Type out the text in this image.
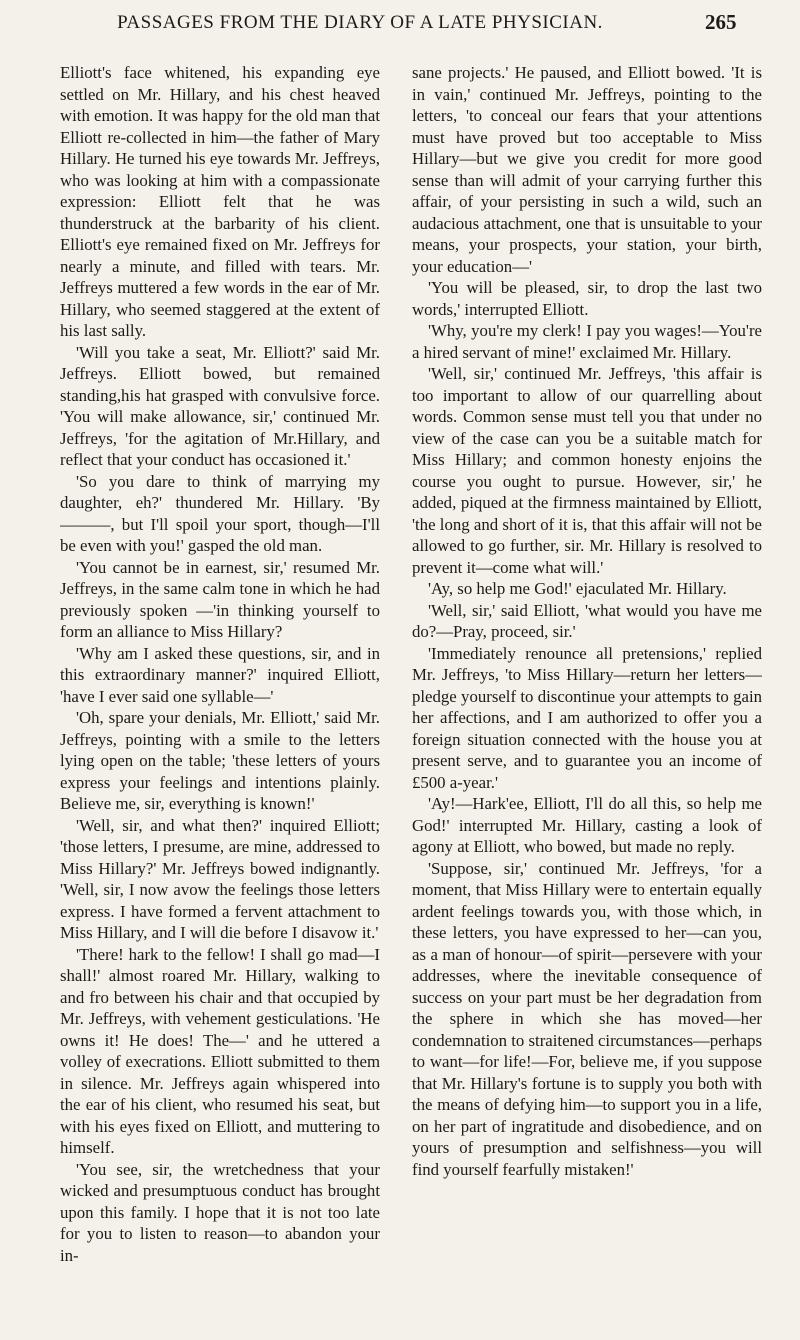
PASSAGES FROM THE DIARY OF A LATE PHYSICIAN.	265

Elliott's face whitened, his expanding eye settled on Mr. Hillary, and his chest heaved with emotion. It was happy for the old man that Elliott re-collected in him—the father of Mary Hillary. He turned his eye towards Mr. Jeffreys, who was looking at him with a compassionate expression: Elliott felt that he was thunderstruck at the barbarity of his client. Elliott's eye remained fixed on Mr. Jeffreys for nearly a minute, and filled with tears. Mr. Jeffreys muttered a few words in the ear of Mr. Hillary, who seemed staggered at the extent of his last sally.

'Will you take a seat, Mr. Elliott?' said Mr. Jeffreys. Elliott bowed, but remained standing,his hat grasped with convulsive force. 'You will make allowance, sir,' continued Mr. Jeffreys, 'for the agitation of Mr.Hillary, and reflect that your conduct has occasioned it.'

'So you dare to think of marrying my daughter, eh?' thundered Mr. Hillary. 'By ———, but I'll spoil your sport, though—I'll be even with you!' gasped the old man.

'You cannot be in earnest, sir,' resumed Mr. Jeffreys, in the same calm tone in which he had previously spoken —'in thinking yourself to form an alliance to Miss Hillary?

'Why am I asked these questions, sir, and in this extraordinary manner?' inquired Elliott, 'have I ever said one syllable—'

'Oh, spare your denials, Mr. Elliott,' said Mr. Jeffreys, pointing with a smile to the letters lying open on the table; 'these letters of yours express your feelings and intentions plainly. Believe me, sir, everything is known!'

'Well, sir, and what then?' inquired Elliott; 'those letters, I presume, are mine, addressed to Miss Hillary?' Mr. Jeffreys bowed indignantly. 'Well, sir, I now avow the feelings those letters express. I have formed a fervent attachment to Miss Hillary, and I will die before I disavow it.'

'There! hark to the fellow! I shall go mad—I shall!' almost roared Mr. Hillary, walking to and fro between his chair and that occupied by Mr. Jeffreys, with vehement gesticulations. 'He owns it! He does! The—' and he uttered a volley of execrations. Elliott submitted to them in silence. Mr. Jeffreys again whispered into the ear of his client, who resumed his seat, but with his eyes fixed on Elliott, and muttering to himself.

'You see, sir, the wretchedness that your wicked and presumptuous conduct has brought upon this family. I hope that it is not too late for you to listen to reason—to abandon your in-

sane projects.' He paused, and Elliott bowed. 'It is in vain,' continued Mr. Jeffreys, pointing to the letters, 'to conceal our fears that your attentions must have proved but too acceptable to Miss Hillary—but we give you credit for more good sense than will admit of your carrying further this affair, of your persisting in such a wild, such an audacious attachment, one that is unsuitable to your means, your prospects, your station, your birth, your education—'

'You will be pleased, sir, to drop the last two words,' interrupted Elliott.

'Why, you're my clerk! I pay you wages!—You're a hired servant of mine!' exclaimed Mr. Hillary.

'Well, sir,' continued Mr. Jeffreys, 'this affair is too important to allow of our quarrelling about words. Common sense must tell you that under no view of the case can you be a suitable match for Miss Hillary; and common honesty enjoins the course you ought to pursue. However, sir,' he added, piqued at the firmness maintained by Elliott, 'the long and short of it is, that this affair will not be allowed to go further, sir. Mr. Hillary is resolved to prevent it—come what will.'

'Ay, so help me God!' ejaculated Mr. Hillary.

'Well, sir,' said Elliott, 'what would you have me do?—Pray, proceed, sir.'

'Immediately renounce all pretensions,' replied Mr. Jeffreys, 'to Miss Hillary—return her letters—pledge yourself to discontinue your attempts to gain her affections, and I am authorized to offer you a foreign situation connected with the house you at present serve, and to guarantee you an income of £500 a-year.'

'Ay!—Hark'ee, Elliott, I'll do all this, so help me God!' interrupted Mr. Hillary, casting a look of agony at Elliott, who bowed, but made no reply.

'Suppose, sir,' continued Mr. Jeffreys, 'for a moment, that Miss Hillary were to entertain equally ardent feelings towards you, with those which, in these letters, you have expressed to her—can you, as a man of honour—of spirit—persevere with your addresses, where the inevitable consequence of success on your part must be her degradation from the sphere in which she has moved—her condemnation to straitened circumstances—perhaps to want—for life!—For, believe me, if you suppose that Mr. Hillary's fortune is to supply you both with the means of defying him—to support you in a life, on her part of ingratitude and disobedience, and on yours of presumption and selfishness—you will find yourself fearfully mistaken!'
